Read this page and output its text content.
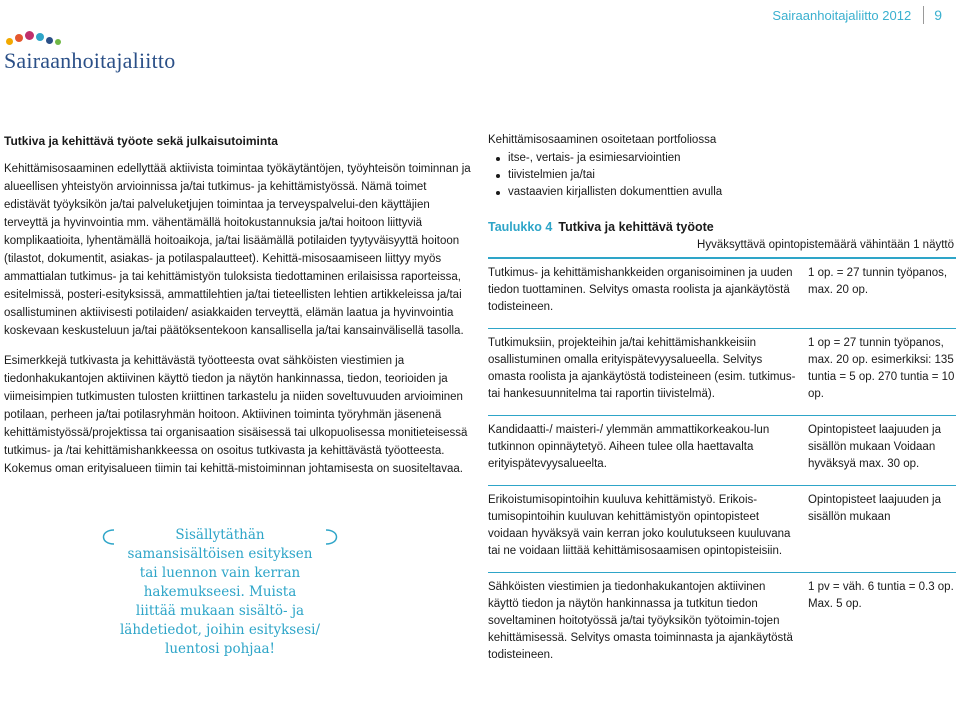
Sairaanhoitajaliitto 2012 9
Sairaanhoitajaliitto
Tutkiva ja kehittävä työote sekä julkaisutoiminta

Kehittämisosaaminen edellyttää aktiivista toimintaa työkäytäntöjen, työyhteisön toiminnan ja alueellisen yhteistyön arvioinnissa ja/tai tutkimus- ja kehittämistyössä. Nämä toimet edistävät työyksikön ja/tai palveluketjujen toimintaa ja terveyspalvelui-den käyttäjien terveyttä ja hyvinvointia mm. vähentämällä hoitokustannuksia ja/tai hoitoon liittyviä komplikaatioita, lyhentämällä hoitoaikoja, ja/tai lisäämällä potilaiden tyytyväisyyttä hoitoon (tilastot, dokumentit, asiakas- ja potilaspalautteet). Kehittä-misosaamiseen liittyy myös ammattialan tutkimus- ja tai kehittämistyön tuloksista tiedottaminen erilaisissa raporteissa, esitelmissä, posteri-esityksissä, ammattilehtien ja/tai tieteellisten lehtien artikkeleissa ja/tai osallistuminen aktiivisesti potilaiden/ asiakkaiden terveyttä, elämän laatua ja hyvinvointia koskevaan keskusteluun ja/tai päätöksentekoon kansallisella ja/tai kansainvälisellä tasolla.

Esimerkkejä tutkivasta ja kehittävästä työotteesta ovat sähköisten viestimien ja tiedonhakukantojen aktiivinen käyttö tiedon ja näytön hankinnassa, tiedon, teorioiden ja viimeisimpien tutkimusten tulosten kriittinen tarkastelu ja niiden soveltuvuuden arvioiminen potilaan, perheen ja/tai potilasryhmän hoitoon. Aktiivinen toiminta työryhmän jäsenenä kehittämistyössä/projektissa tai organisaation sisäisessä tai ulkopuolisessa monitieteisessä tutkimus- ja /tai kehittämishankkeessa on osoitus tutkivasta ja kehittävästä työotteesta. Kokemus oman erityisalueen tiimin tai kehittä-mistoiminnan johtamisesta on suositeltavaa.

Sisällytäthän
samansisältöisen esityksen
tai luennon vain kerran
hakemukseesi. Muista
liittää mukaan sisältö- ja
lähdetiedot, joihin esityksesi/
luentosi pohjaa!
Kehittämisosaaminen osoitetaan portfoliossa
itse-, vertais- ja esimiesarviointien
tiivistelmien ja/tai
vastaavien kirjallisten dokumenttien avulla
Taulukko 4 Tutkiva ja kehittävä työote
Hyväksyttävä opintopistemäärä vähintään 1 näyttö
Tutkimus- ja kehittämishankkeiden organisoiminen ja uuden tiedon tuottaminen. Selvitys omasta roolista ja ajankäytöstä todisteineen.
1 op. = 27 tunnin työpanos, max. 20 op.
Tutkimuksiin, projekteihin ja/tai kehittämishankkeisiin osallistuminen omalla erityispätevyysalueella. Selvitys omasta roolista ja ajankäytöstä todisteineen (esim. tutkimus- tai hankesuunnitelma tai raportin tiivistelmä).
1 op = 27 tunnin työpanos, max. 20 op. esimerkiksi: 135 tuntia = 5 op. 270 tuntia = 10 op.
Kandidaatti-/ maisteri-/ ylemmän ammattikorkeakou-lun tutkinnon opinnäytetyö. Aiheen tulee olla haettavalta erityispätevyysalueelta.
Opintopisteet laajuuden ja sisällön mukaan Voidaan hyväksyä max. 30 op.
Erikoistumisopintoihin kuuluva kehittämistyö. Erikois-tumisopintoihin kuuluvan kehittämistyön opintopisteet voidaan hyväksyä vain kerran joko koulutukseen kuuluvana tai ne voidaan liittää kehittämisosaamisen opintopisteisiin.
Opintopisteet laajuuden ja sisällön mukaan
Sähköisten viestimien ja tiedonhakukantojen aktiivinen käyttö tiedon ja näytön hankinnassa ja tutkitun tiedon soveltaminen hoitotyössä ja/tai työyksikön työtoimin-tojen kehittämisessä. Selvitys omasta toiminnasta ja ajankäytöstä todisteineen.
1 pv = väh. 6 tuntia = 0.3 op. Max. 5 op.
